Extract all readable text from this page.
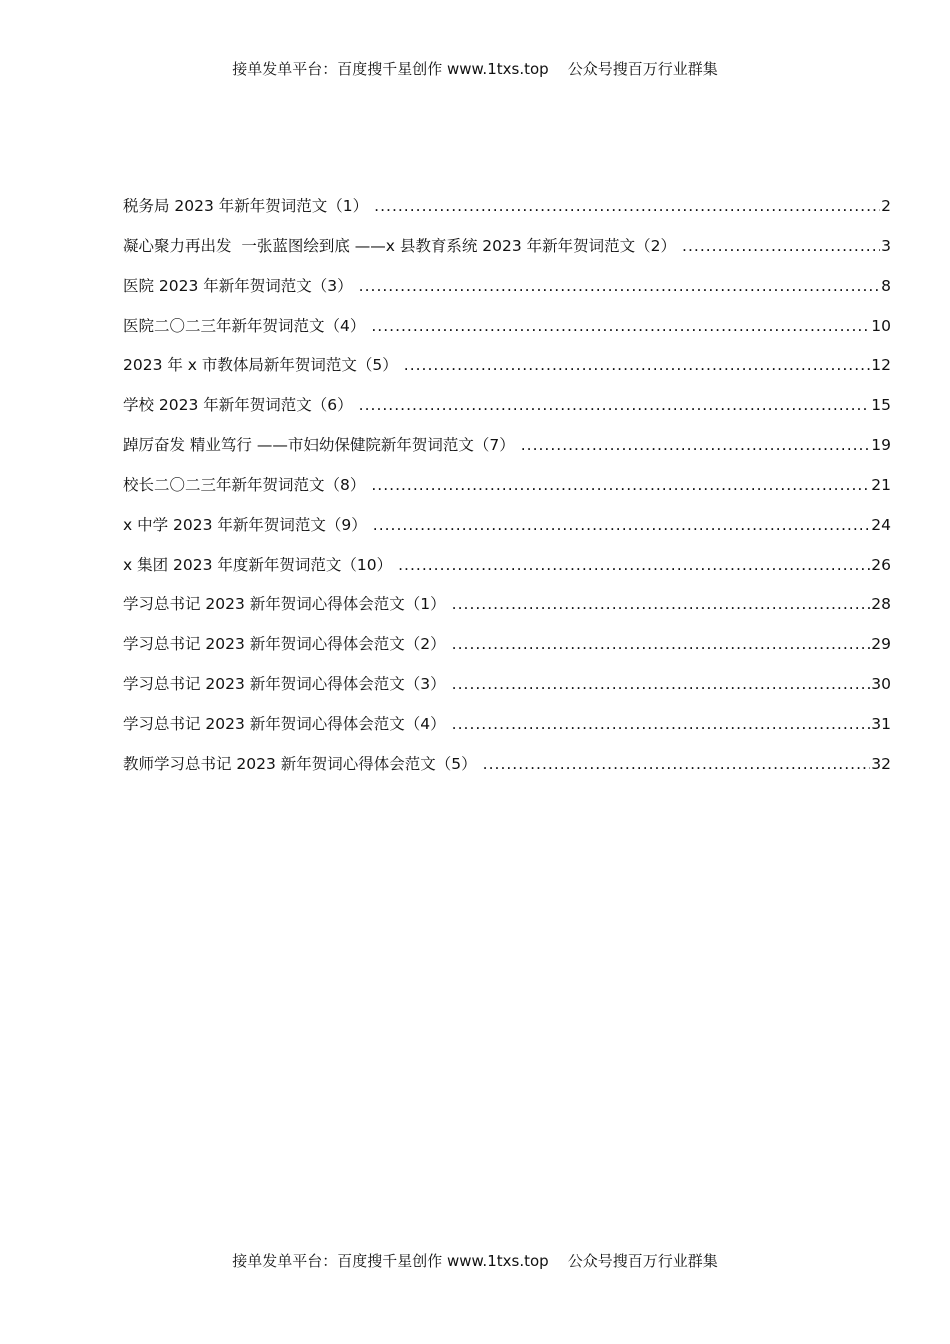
接单发单平台：百度搜千星创作 www.1txs.top    公众号搜百万行业群集
税务局 2023 年新年贺词范文（1） .....	2
凝心聚力再出发  一张蓝图绘到底 ——x 县教育系统 2023 年新年贺词范文（2） .....	3
医院 2023 年新年贺词范文（3） .....	8
医院二〇二三年新年贺词范文（4） .....	10
2023 年 x 市教体局新年贺词范文（5） .....	12
学校 2023 年新年贺词范文（6） .....	15
踔厉奋发 精业笃行 ——市妇幼保健院新年贺词范文（7） .....	19
校长二〇二三年新年贺词范文（8） .....	21
x 中学 2023 年新年贺词范文（9） .....	24
x 集团 2023 年度新年贺词范文（10） .....	26
学习总书记 2023 新年贺词心得体会范文（1） .....	28
学习总书记 2023 新年贺词心得体会范文（2） .....	29
学习总书记 2023 新年贺词心得体会范文（3） .....	30
学习总书记 2023 新年贺词心得体会范文（4） .....	31
教师学习总书记 2023 新年贺词心得体会范文（5） .....	32
接单发单平台：百度搜千星创作 www.1txs.top    公众号搜百万行业群集
